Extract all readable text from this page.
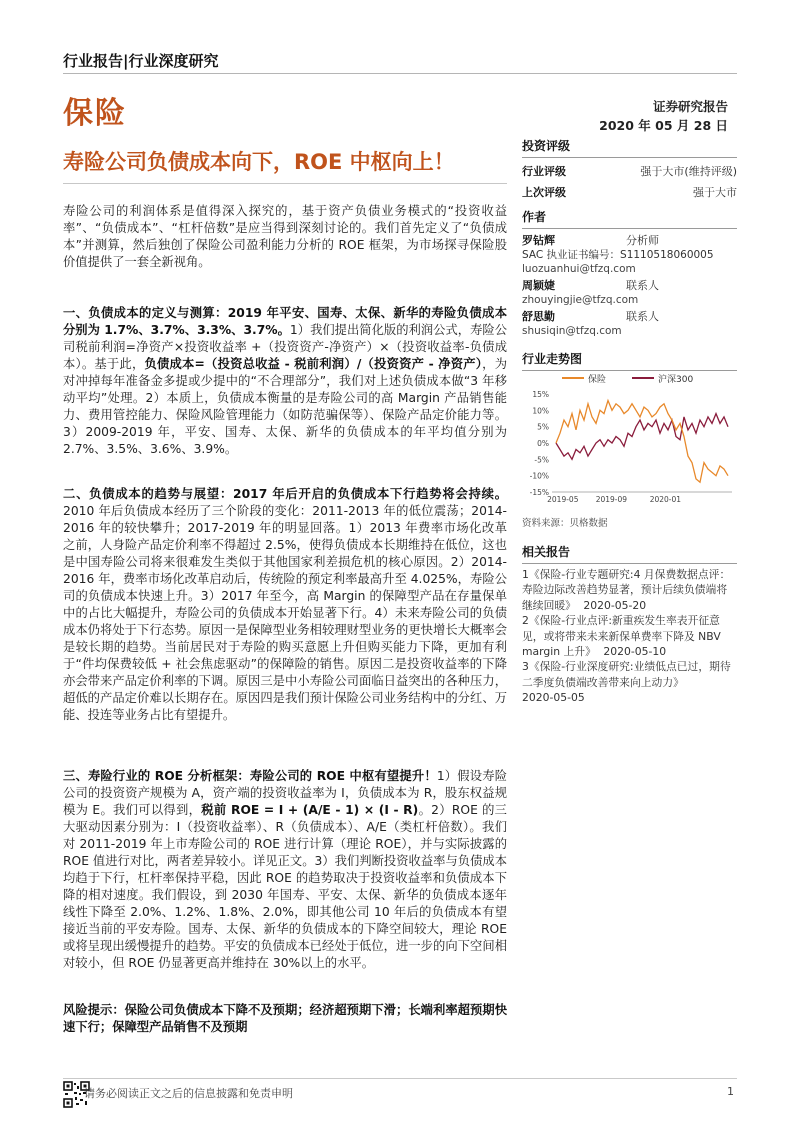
行业报告|行业深度研究
保险	证券研究报告
2020 年 05 月 28 日
寿险公司负债成本向下，ROE 中枢向上！
投资评级
行业评级	强于大市(维持评级)
上次评级	强于大市
作者
罗钻辉	分析师
SAC 执业证书编号：S1110518060005
luozuanhui@tfzq.com
周颖婕	联系人
zhouyingjie@tfzq.com
舒思勤	联系人
shusiqin@tfzq.com
行业走势图
保险	沪深300
15%
10%
5%
0%
-5%
-10%
-15%
2019-05 2019-09	2020-01
资料来源：贝格数据
相关报告
1《保险-行业专题研究:4 月保费数据点评：寿险边际改善趋势显著，预计后续负债端将继续回暖》 2020-05-20
2《保险-行业点评:新重疾发生率表开征意见，或将带来未来新保单费率下降及 NBV margin 上升》 2020-05-10
3《保险-行业深度研究:业绩低点已过，期待二季度负债端改善带来向上动力》
2020-05-05
寿险公司的利润体系是值得深入探究的，基于资产负债业务模式的“投资收益率”、“负债成本”、“杠杆倍数”是应当得到深刻讨论的。我们首先定义了“负债成本”并测算，然后独创了保险公司盈利能力分析的 ROE 框架，为市场探寻保险股价值提供了一套全新视角。
一、负债成本的定义与测算：2019 年平安、国寿、太保、新华的寿险负债成本分别为 1.7%、3.7%、3.3%、3.7%。1）我们提出简化版的利润公式，寿险公司税前利润=净资产×投资收益率 +（投资资产-净资产）×（投资收益率-负债成本）。基于此，负债成本=（投资总收益 - 税前利润）/（投资资产 - 净资产），为对冲掉每年准备金多提或少提中的“不合理部分”，我们对上述负债成本做“3 年移动平均”处理。2）本质上，负债成本衡量的是寿险公司的高 Margin 产品销售能力、费用管控能力、保险风险管理能力（如防范骗保等）、保险产品定价能力等。3）2009-2019 年，平安、国寿、太保、新华的负债成本的年平均值分别为 2.7%、3.5%、3.6%、3.9%。
二、负债成本的趋势与展望：2017 年后开启的负债成本下行趋势将会持续。2010 年后负债成本经历了三个阶段的变化：2011-2013 年的低位震荡；2014-2016 年的较快攀升；2017-2019 年的明显回落。1）2013 年费率市场化改革之前，人身险产品定价利率不得超过 2.5%，使得负债成本长期维持在低位，这也是中国寿险公司将来很难发生类似于其他国家利差损危机的核心原因。2）2014-2016 年，费率市场化改革启动后，传统险的预定利率最高升至 4.025%，寿险公司的负债成本快速上升。3）2017 年至今，高 Margin 的保障型产品在存量保单中的占比大幅提升，寿险公司的负债成本开始显著下行。4）未来寿险公司的负债成本仍将处于下行态势。原因一是保障型业务相较理财型业务的更快增长大概率会是较长期的趋势。当前居民对于寿险的购买意愿上升但购买能力下降，更加有利于“件均保费较低 + 社会焦虑驱动”的保障险的销售。原因二是投资收益率的下降亦会带来产品定价利率的下调。原因三是中小寿险公司面临日益突出的各种压力，超低的产品定价难以长期存在。原因四是我们预计保险公司业务结构中的分红、万能、投连等业务占比有望提升。
三、寿险行业的 ROE 分析框架：寿险公司的 ROE 中枢有望提升！1）假设寿险公司的投资资产规模为 A，资产端的投资收益率为 I，负债成本为 R，股东权益规模为 E。我们可以得到，税前 ROE = I + (A/E - 1) × (I - R)。2）ROE 的三大驱动因素分别为：I（投资收益率）、R（负债成本）、A/E（类杠杆倍数）。我们对 2011-2019 年上市寿险公司的 ROE 进行计算（理论 ROE），并与实际披露的 ROE 值进行对比，两者差异较小。详见正文。3）我们判断投资收益率与负债成本均趋于下行，杠杆率保持平稳，因此 ROE 的趋势取决于投资收益率和负债成本下降的相对速度。我们假设，到 2030 年国寿、平安、太保、新华的负债成本逐年线性下降至 2.0%、1.2%、1.8%、2.0%，即其他公司 10 年后的负债成本有望接近当前的平安寿险。国寿、太保、新华的负债成本的下降空间较大，理论 ROE 或将呈现出缓慢提升的趋势。平安的负债成本已经处于低位，进一步的向下空间相对较小，但 ROE 仍显著更高并维持在 30%以上的水平。
风险提示：保险公司负债成本下降不及预期；经济超预期下滑；长端利率超预期快速下行；保障型产品销售不及预期
请务必阅读正文之后的信息披露和免责申明	1
